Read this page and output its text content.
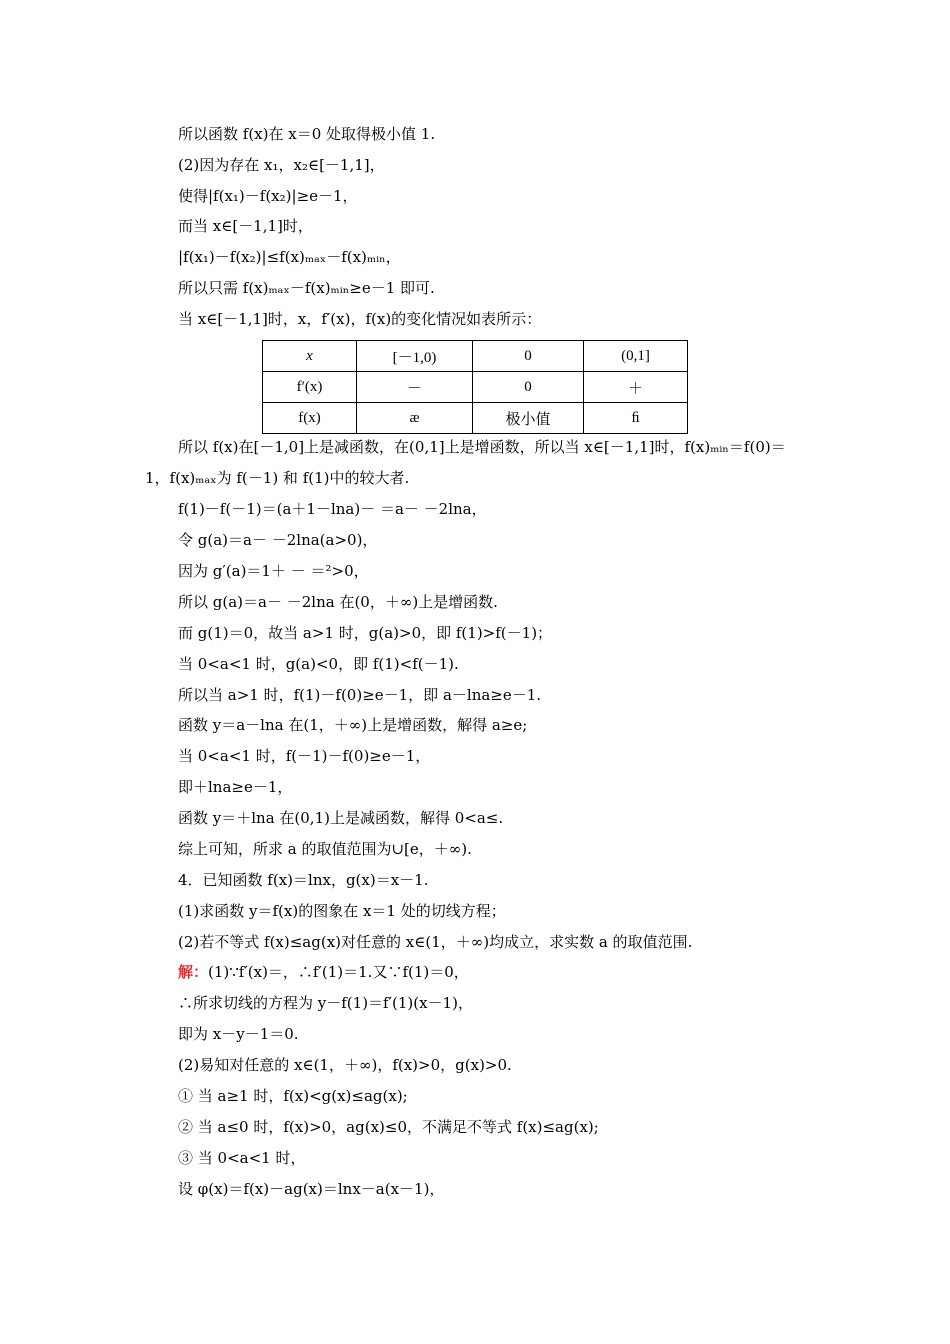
所以函数 f(x)在 x＝0 处取得极小值 1.
(2)因为存在 x₁，x₂∈[－1,1]，
使得|f(x₁)－f(x₂)|≥e－1，
而当 x∈[－1,1]时，
|f(x₁)－f(x₂)|≤f(x)ₘₐₓ－f(x)ₘᵢₙ，
所以只需 f(x)ₘₐₓ－f(x)ₘᵢₙ≥e－1 即可.
当 x∈[－1,1]时，x，f′(x)，f(x)的变化情况如表所示：
x	[－1,0)	0	(0,1]
f′(x)	－	0	＋
f(x)	æ	极小值	ﬁ
所以 f(x)在[－1,0]上是减函数，在(0,1]上是增函数，所以当 x∈[－1,1]时，f(x)ₘᵢₙ＝f(0)＝
1，f(x)ₘₐₓ为 f(－1) 和 f(1)中的较大者.
f(1)－f(－1)＝(a＋1－lna)－ ＝a－ －2lna，
令 g(a)＝a－ －2lna(a>0)，
因为 g′(a)＝1＋ － ＝²>0，
所以 g(a)＝a－ －2lna 在(0，＋∞)上是增函数.
而 g(1)＝0，故当 a>1 时，g(a)>0，即 f(1)>f(－1)；
当 0<a<1 时，g(a)<0，即 f(1)<f(－1).
所以当 a>1 时，f(1)－f(0)≥e－1，即 a－lna≥e－1.
函数 y＝a－lna 在(1，＋∞)上是增函数，解得 a≥e;
当 0<a<1 时，f(－1)－f(0)≥e－1，
即＋lna≥e－1，
函数 y＝＋lna 在(0,1)上是减函数，解得 0<a≤.
综上可知，所求 a 的取值范围为∪[e，＋∞).
4．已知函数 f(x)＝lnx，g(x)＝x－1.
(1)求函数 y＝f(x)的图象在 x＝1 处的切线方程；
(2)若不等式 f(x)≤ag(x)对任意的 x∈(1，＋∞)均成立，求实数 a 的取值范围.
解：(1)∵f′(x)＝，∴f′(1)＝1.又∵f(1)＝0，
∴所求切线的方程为 y－f(1)＝f′(1)(x－1)，
即为 x－y－1＝0.
(2)易知对任意的 x∈(1，＋∞)，f(x)>0，g(x)>0.
① 当 a≥1 时，f(x)<g(x)≤ag(x);
② 当 a≤0 时，f(x)>0，ag(x)≤0，不满足不等式 f(x)≤ag(x);
③ 当 0<a<1 时，
设 φ(x)＝f(x)－ag(x)＝lnx－a(x－1)，
